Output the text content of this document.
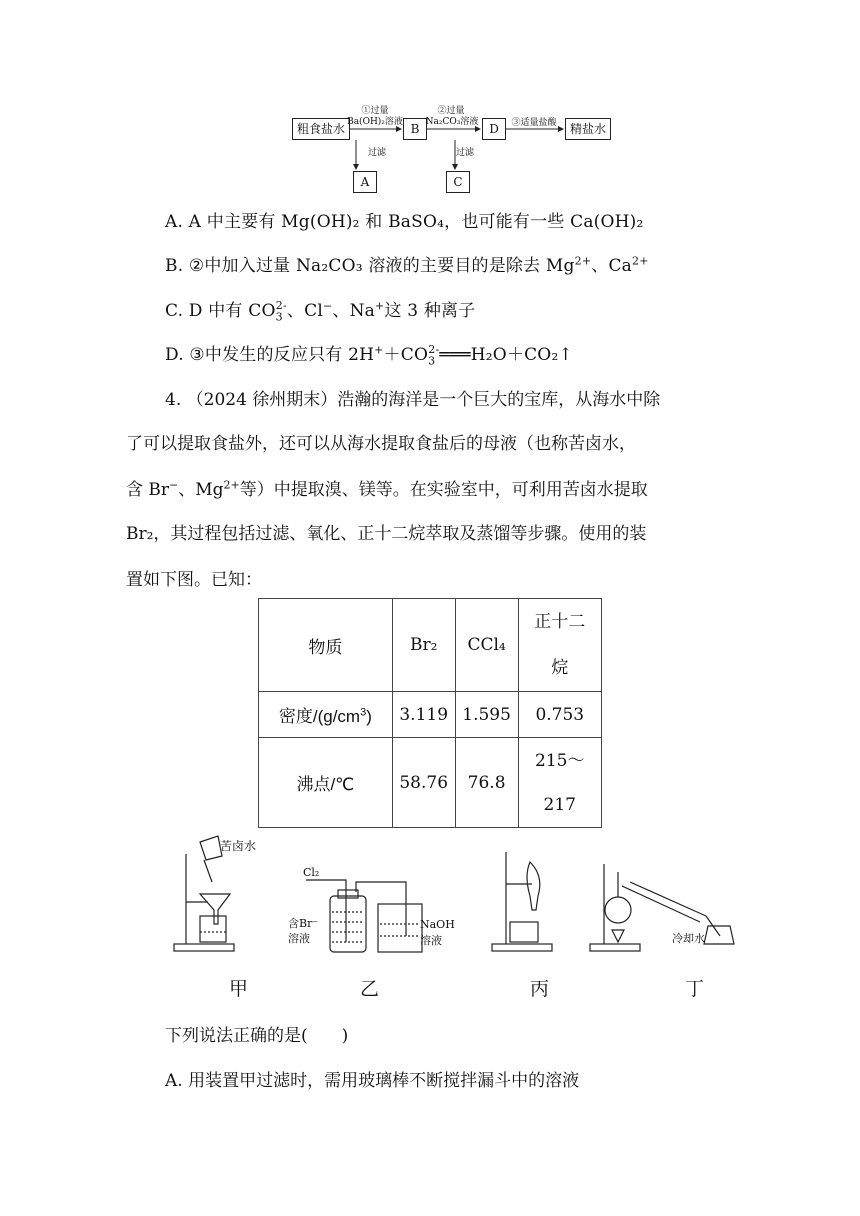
粗食盐水
①过量
Ba(OH)₂溶液 B
②过量
Na₂CO₃溶液 D	③适量盐酸	精盐水
过滤
A
过滤
C
A. A 中主要有 Mg(OH)₂ 和 BaSO₄，也可能有一些 Ca(OH)₂
B. ②中加入过量 Na₂CO₃ 溶液的主要目的是除去 $Mg^{2+}$、$Ca^{2+}$
C. D 中有 $CO_3^{2-}$、Cl−、Na+这 3 种离子
D. ③中发生的反应只有 $2H^++CO_3^{2-}═══H_2O+CO_2↑$
4. （2024 徐州期末）浩瀚的海洋是一个巨大的宝库，从海水中除
了可以提取食盐外，还可以从海水提取食盐后的母液（也称苦卤水，
含 Br−、$Mg^{2+}$等）中提取溴、镁等。在实验室中，可利用苦卤水提取
Br₂，其过程包括过滤、氧化、正十二烷萃取及蒸馏等步骤。使用的装
置如下图。已知：
物质	Br₂	CCl₄	正十二
烷
密度$/(g/cm^3)$	3.119	1.595	0.753
沸点/℃	58.76	76.8	215～
217
苦卤水
Cl₂
含Br⁻
溶液
NaOH
溶液	冷却水
甲	乙	丙	丁
下列说法正确的是(　　)
A. 用装置甲过滤时，需用玻璃棒不断搅拌漏斗中的溶液
